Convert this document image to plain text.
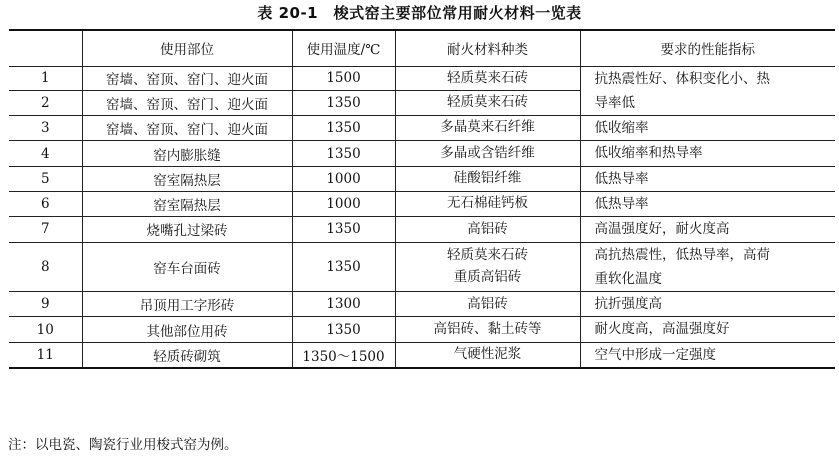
表 20-1　梭式窑主要部位常用耐火材料一览表
	使用部位	使用温度/℃	耐火材料种类	要求的性能指标
1	窑墙、窑顶、窑门、迎火面	1500	轻质莫来石砖	抗热震性好、体积变化小、热
导率低
2	窑墙、窑顶、窑门、迎火面	1350	轻质莫来石砖	
3	窑墙、窑顶、窑门、迎火面	1350	多晶莫来石纤维	低收缩率
4	窑内膨胀缝	1350	多晶或含锆纤维	低收缩率和热导率
5	窑室隔热层	1000	硅酸铝纤维	低热导率
6	窑室隔热层	1000	无石棉硅钙板	低热导率
7	烧嘴孔过梁砖	1350	高铝砖	高温强度好，耐火度高
8	窑车台面砖	1350	轻质莫来石砖
重质高铝砖	高抗热震性，低热导率，高荷
重软化温度
9	吊顶用工字形砖	1300	高铝砖	抗折强度高
10	其他部位用砖	1350	高铝砖、黏土砖等	耐火度高，高温强度好
11	轻质砖砌筑	1350～1500	气硬性泥浆	空气中形成一定强度
注：以电瓷、陶瓷行业用梭式窑为例。
